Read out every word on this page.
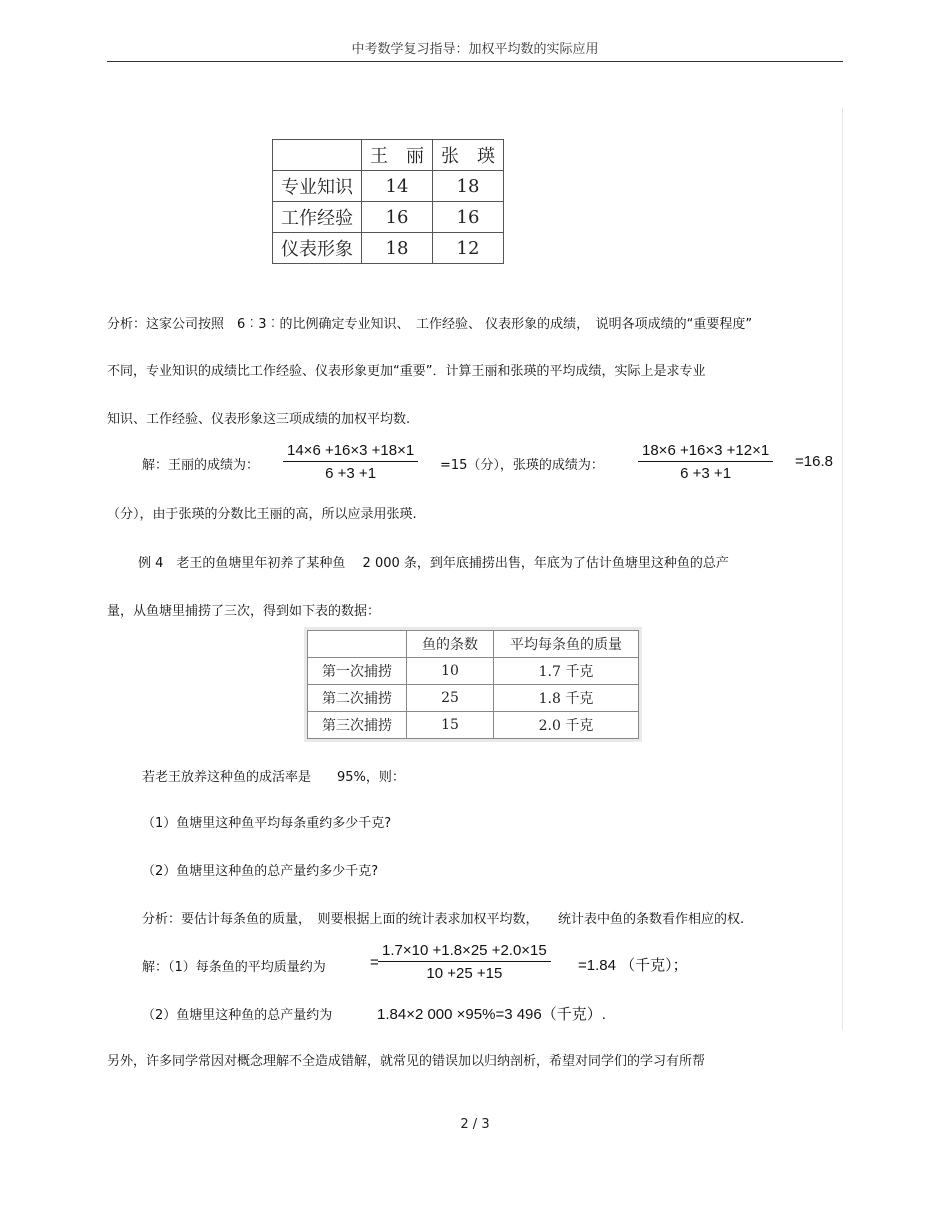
中考数学复习指导：加权平均数的实际应用
	王　丽	张　瑛
专业知识	14	18
工作经验	16	16
仪表形象	18	12
分析：这家公司按照　6︰3︰的比例确定专业知识、　工作经验、 仪表形象的成绩，　说明各项成绩的“重要程度”
不同，专业知识的成绩比工作经验、仪表形象更加“重要”．计算王丽和张瑛的平均成绩，实际上是求专业
知识、工作经验、仪表形象这三项成绩的加权平均数.
解：王丽的成绩为：
14×6 +16×3 +18×1
6 +3 +1	=15（分），张瑛的成绩为：
18×6 +16×3 +12×1
6 +3 +1
=16.8
（分），由于张瑛的分数比王丽的高，所以应录用张瑛.
例 4　老王的鱼塘里年初养了某种鱼　 2 000 条，到年底捕捞出售，年底为了估计鱼塘里这种鱼的总产
量，从鱼塘里捕捞了三次，得到如下表的数据：
	鱼的条数	平均每条鱼的质量
第一次捕捞	10	1.7 千克
第二次捕捞	25	1.8 千克
第三次捕捞	15	2.0 千克
若老王放养这种鱼的成活率是　　95%，则：
（1）鱼塘里这种鱼平均每条重约多少千克?
（2）鱼塘里这种鱼的总产量约多少千克?
分析：要估计每条鱼的质量，　则要根据上面的统计表求加权平均数，　　统计表中鱼的条数看作相应的权.
解：（1）每条鱼的平均质量约为	=
1.7×10 +1.8×25 +2.0×15
10 +25 +15	=1.84 （千克）；
（2）鱼塘里这种鱼的总产量约为	1.84×2 000 ×95%=3 496（千克）.
另外，许多同学常因对概念理解不全造成错解，就常见的错误加以归纳剖析，希望对同学们的学习有所帮
2 / 3
